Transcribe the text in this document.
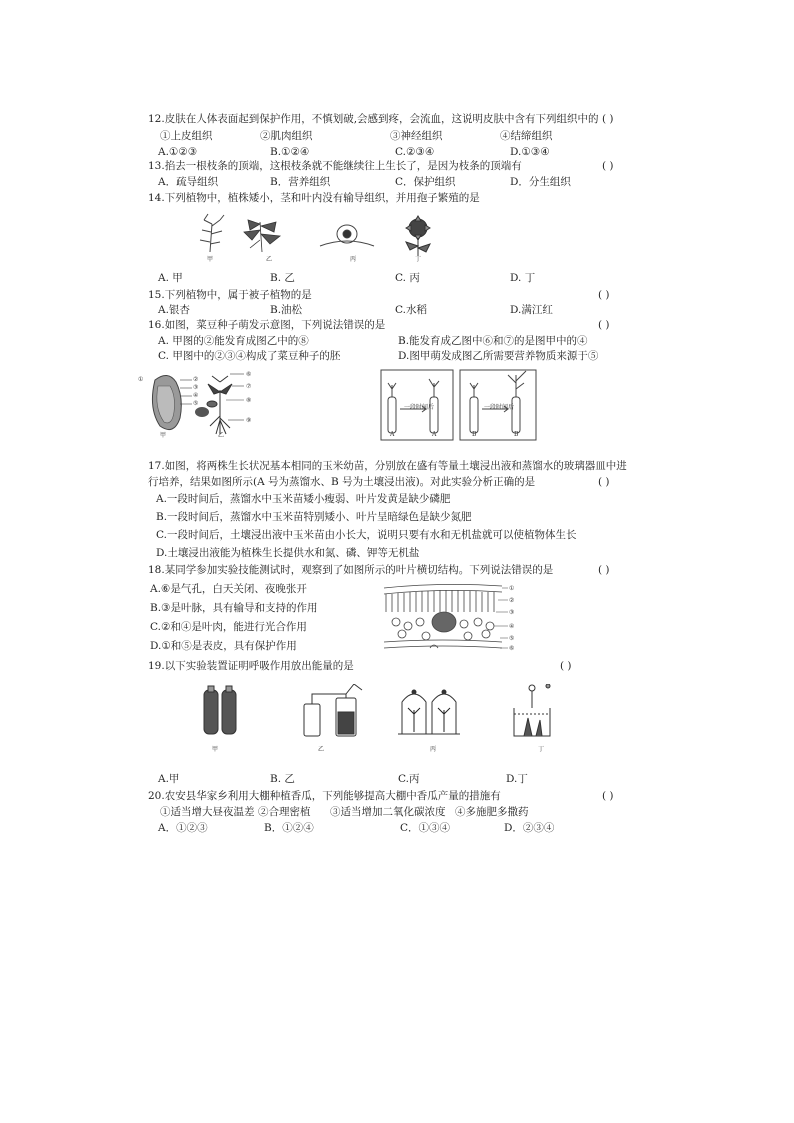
12.皮肤在人体表面起到保护作用，不慎划破,会感到疼，会流血，这说明皮肤中含有下列组织中的 ( )
①上皮组织	②肌肉组织	③神经组织	④结缔组织
A.①②③	B.①②④	C.②③④	D.①③④
13.掐去一根枝条的顶端，这根枝条就不能继续往上生长了，是因为枝条的顶端有	( )
A．疏导组织	B．营养组织	C．保护组织	D．分生组织
14.下列植物中，植株矮小，茎和叶内没有输导组织，并用孢子繁殖的是
甲	乙	丙	丁
A. 甲	B. 乙	C. 丙	D. 丁
15.下列植物中，属于被子植物的是	( )
A.银杏	B.油松	C.水稻	D.满江红
16.如图，菜豆种子萌发示意图，下列说法错误的是	( )
A. 甲图的②能发育成图乙中的⑧	B.能发育成乙图中⑥和⑦的是图甲中的④
C. 甲图中的②③④构成了菜豆种子的胚	D.图甲萌发成图乙所需要营养物质来源于⑤
①	②
③
④
⑤
⑥
⑦
⑧
⑨
甲	乙
一段时间后	一段时间后
A	A	B	B
17.如图，将两株生长状况基本相同的玉米幼苗，分别放在盛有等量土壤浸出液和蒸馏水的玻璃器皿中进
行培养，结果如图所示(A 号为蒸馏水、B 号为土壤浸出液)。对此实验分析正确的是	( )
A.一段时间后，蒸馏水中玉米苗矮小瘦弱、叶片发黄是缺少磷肥
B.一段时间后，蒸馏水中玉米苗特别矮小、叶片呈暗绿色是缺少氮肥
C.一段时间后，土壤浸出液中玉米苗由小长大，说明只要有水和无机盐就可以使植物体生长
D.土壤浸出液能为植株生长提供水和氮、磷、钾等无机盐
18.某同学参加实验技能测试时，观察到了如图所示的叶片横切结构。下列说法错误的是	( )
A.⑥是气孔，白天关闭、夜晚张开
B.③是叶脉，具有输导和支持的作用
C.②和④是叶肉，能进行光合作用
D.①和⑤是表皮，具有保护作用
①
②
③
④
⑤
⑥
19.以下实验装置证明呼吸作用放出能量的是	( )
甲	乙	丙	丁
A.甲	B. 乙	C.丙	D.丁
20.农安县华家乡利用大棚种植香瓜，下列能够提高大棚中香瓜产量的措施有	( )
①适当增大昼夜温差 ②合理密植 ③适当增加二氧化碳浓度 ④多施肥多撒药
A．①②③	B．①②④	C．①③④	D．②③④
